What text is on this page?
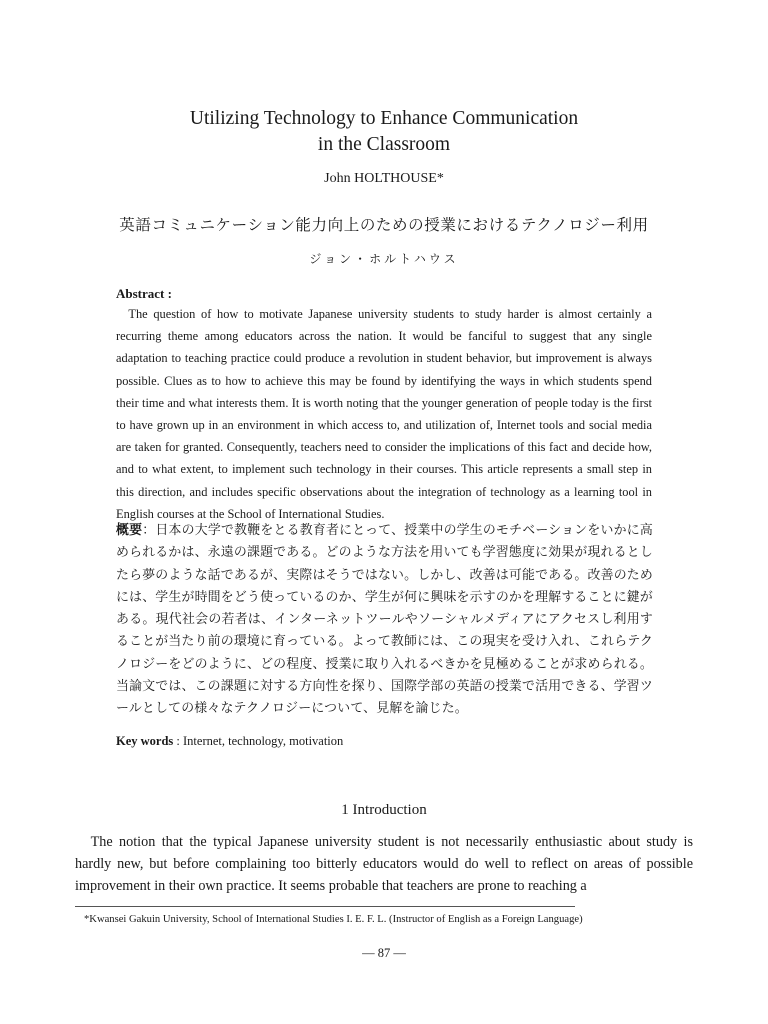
Utilizing Technology to Enhance Communication
in the Classroom
John HOLTHOUSE*
英語コミュニケーション能力向上のための授業におけるテクノロジー利用
ジョン・ホルトハウス
Abstract :
The question of how to motivate Japanese university students to study harder is almost certainly a recurring theme among educators across the nation. It would be fanciful to suggest that any single adaptation to teaching practice could produce a revolution in student behavior, but improvement is always possible. Clues as to how to achieve this may be found by identifying the ways in which students spend their time and what interests them. It is worth noting that the younger generation of people today is the first to have grown up in an environment in which access to, and utilization of, Internet tools and social media are taken for granted. Consequently, teachers need to consider the implications of this fact and decide how, and to what extent, to implement such technology in their courses. This article represents a small step in this direction, and includes specific observations about the integration of technology as a learning tool in English courses at the School of International Studies.
概要：日本の大学で教鞭をとる教育者にとって、授業中の学生のモチベーションをいかに高められるかは、永遠の課題である。どのような方法を用いても学習態度に効果が現れるとしたら夢のような話であるが、実際はそうではない。しかし、改善は可能である。改善のためには、学生が時間をどう使っているのか、学生が何に興味を示すのかを理解することに鍵がある。現代社会の若者は、インターネットツールやソーシャルメディアにアクセスし利用することが当たり前の環境に育っている。よって教師には、この現実を受け入れ、これらテクノロジーをどのように、どの程度、授業に取り入れるべきかを見極めることが求められる。当論文では、この課題に対する方向性を探り、国際学部の英語の授業で活用できる、学習ツールとしての様々なテクノロジーについて、見解を論じた。
Key words : Internet, technology, motivation
1 Introduction
The notion that the typical Japanese university student is not necessarily enthusiastic about study is hardly new, but before complaining too bitterly educators would do well to reflect on areas of possible improvement in their own practice. It seems probable that teachers are prone to reaching a
*Kwansei Gakuin University, School of International Studies I. E. F. L. (Instructor of English as a Foreign Language)
― 87 ―
